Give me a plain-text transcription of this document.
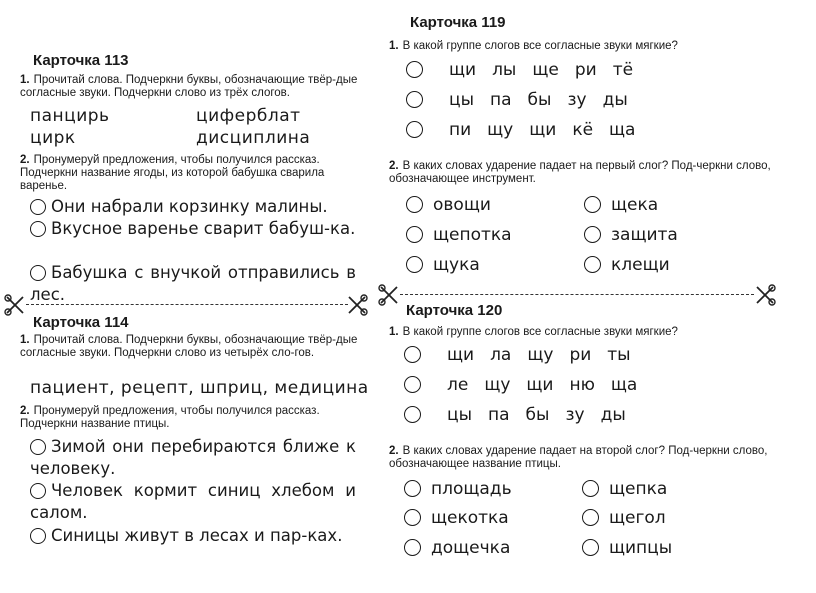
Карточка 113
1. Прочитай слова. Подчеркни буквы, обозначающие твёр-дые согласные звуки. Подчеркни слово из трёх слогов.
панцирь	циферблат
цирк	дисциплина
2. Пронумеруй предложения, чтобы получился рассказ. Подчеркни название ягоды, из которой бабушка сварила варенье.
Они набрали корзинку малины.
Вкусное варенье сварит бабуш-ка.
Бабушка с внучкой отправились в лес.
Карточка 114
1. Прочитай слова. Подчеркни буквы, обозначающие твёр-дые согласные звуки. Подчеркни слово из четырёх сло-гов.
пациент, рецепт, шприц, медицина
2. Пронумеруй предложения, чтобы получился рассказ. Подчеркни название птицы.
Зимой они перебираются ближе к человеку.
Человек кормит синиц хлебом и салом.
Синицы живут в лесах и пар-ках.
Карточка 119
1. В какой группе слогов все согласные звуки мягкие?
щи лы ще ри тё
цы па бы зу ды
пи щу щи кё ща
2. В каких словах ударение падает на первый слог? Под-черкни слово, обозначающее инструмент.
овощи	щека
щепотка	защита
щука	клещи
Карточка 120
1. В какой группе слогов все согласные звуки мягкие?
щи ла щу ри ты
ле щу щи ню ща
цы па бы зу ды
2. В каких словах ударение падает на второй слог? Под-черкни слово, обозначающее название птицы.
площадь	щепка
щекотка	щегол
дощечка	щипцы
